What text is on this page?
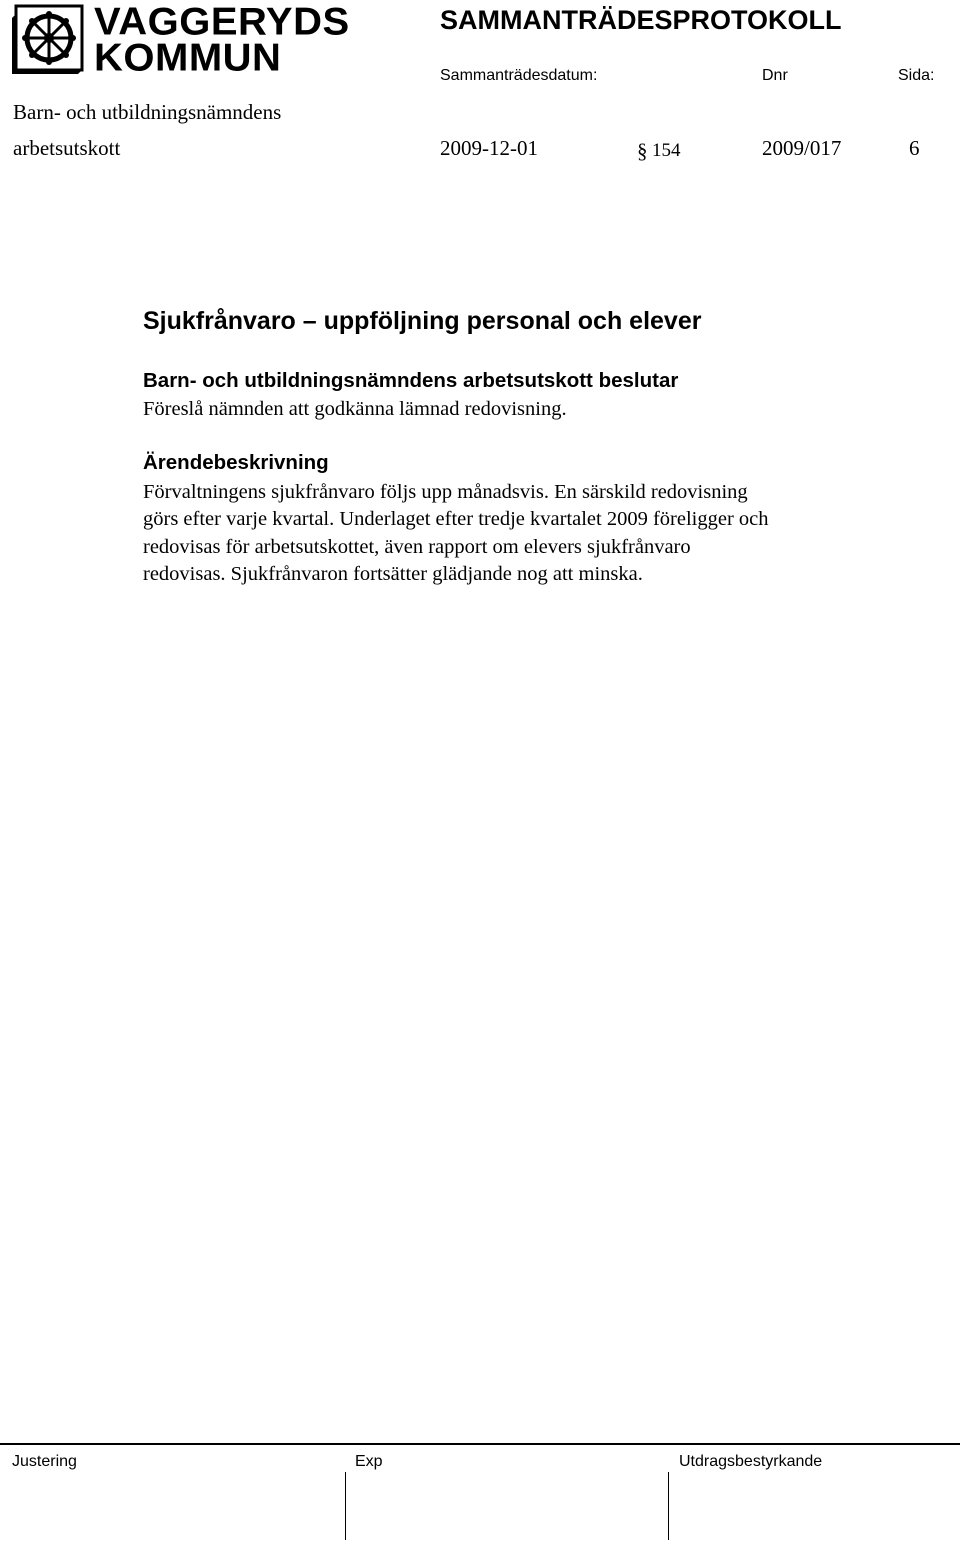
VAGGERYDS
KOMMUN
SAMMANTRÄDESPROTOKOLL
Sammanträdesdatum:	Dnr	Sida:
Barn- och utbildningsnämndens
arbetsutskott	2009-12-01	§ 154	2009/017	6
Sjukfrånvaro – uppföljning personal och elever
Barn- och utbildningsnämndens arbetsutskott beslutar
Föreslå nämnden att godkänna lämnad redovisning.
Ärendebeskrivning
Förvaltningens sjukfrånvaro följs upp månadsvis. En särskild redovisning
görs efter varje kvartal. Underlaget efter tredje kvartalet 2009 föreligger och
redovisas för arbetsutskottet, även rapport om elevers sjukfrånvaro
redovisas. Sjukfrånvaron fortsätter glädjande nog att minska.
Justering	Exp	Utdragsbestyrkande
